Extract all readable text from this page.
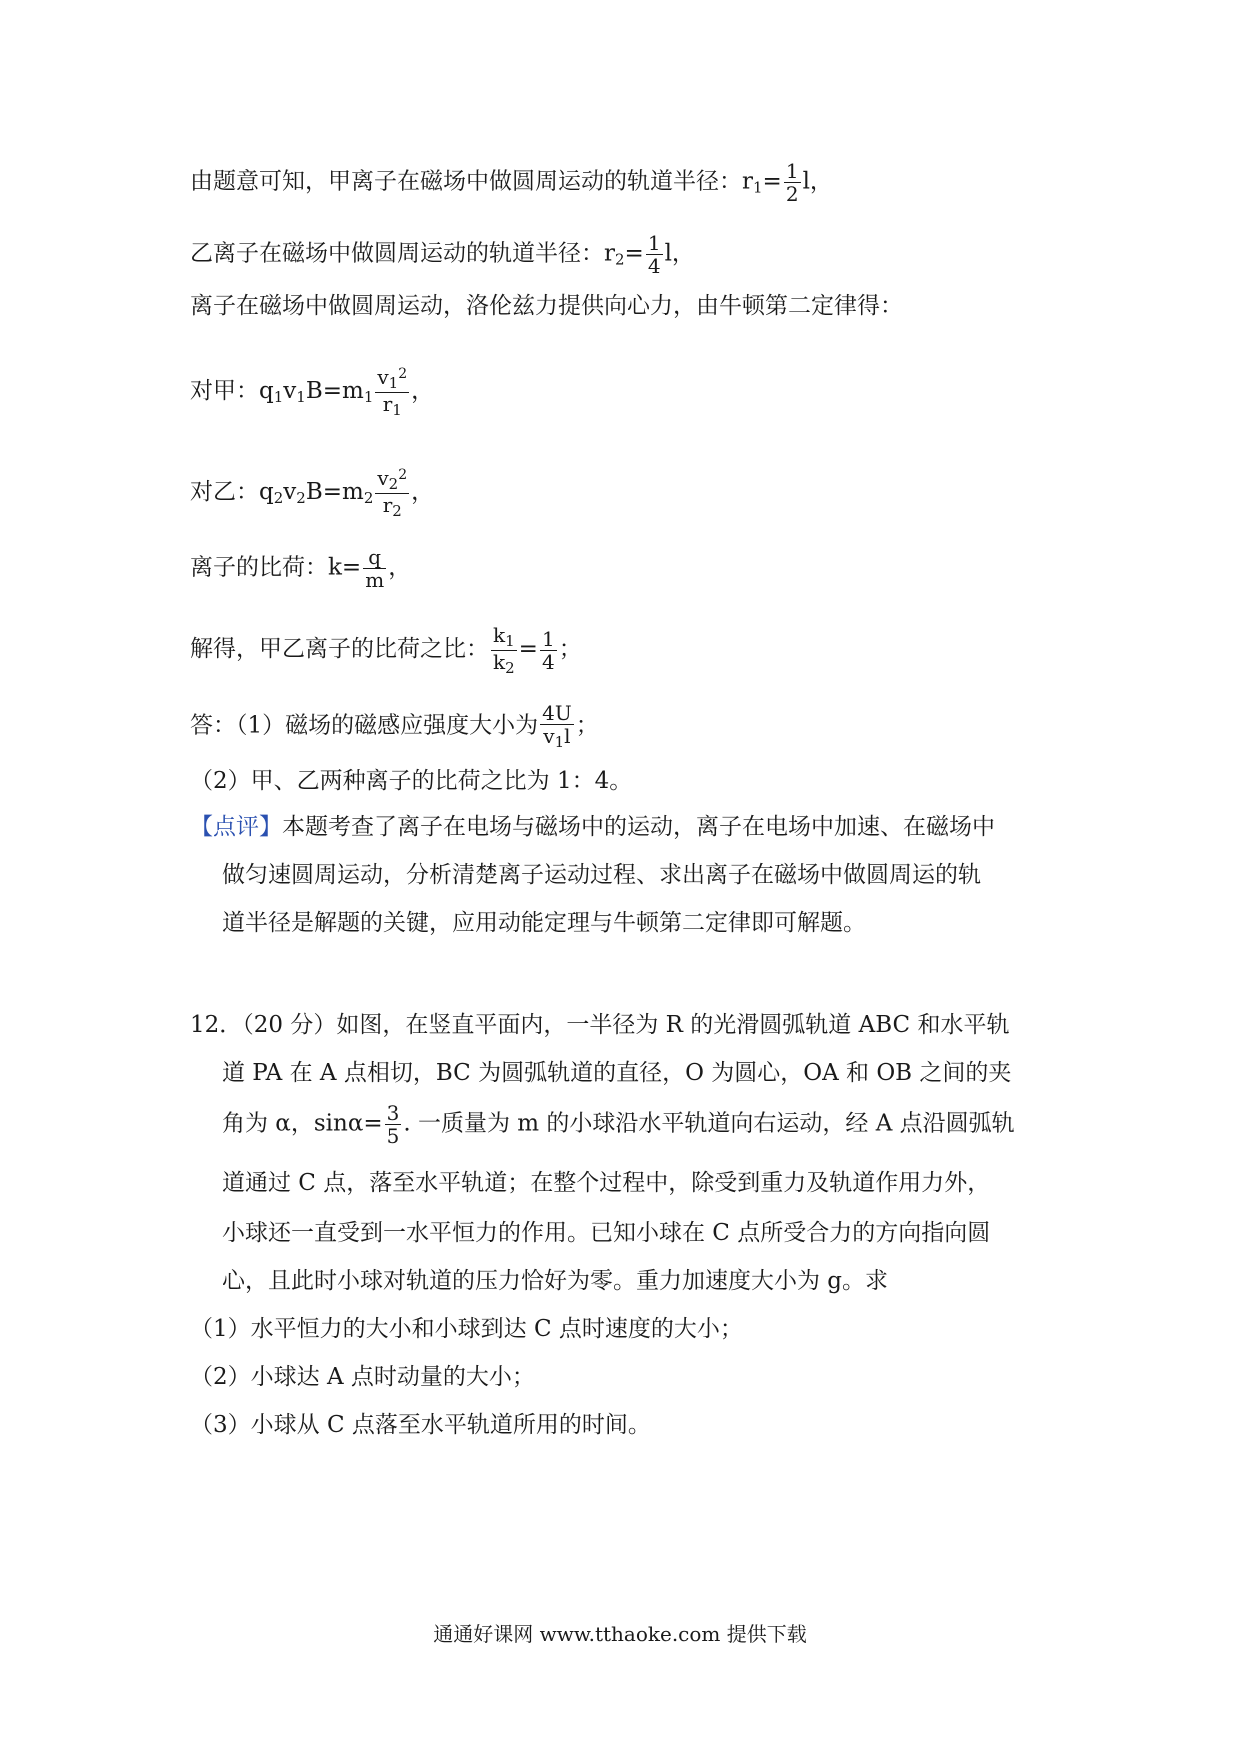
由题意可知，甲离子在磁场中做圆周运动的轨道半径：$r_1= \frac{1}{2}$ l，
乙离子在磁场中做圆周运动的轨道半径：$r_2= \frac{1}{4}$ l，
离子在磁场中做圆周运动，洛伦兹力提供向心力，由牛顿第二定律得：
对甲：$q_1v_1B=m_1 \frac{v_1^2}{r_1}$ ，
对乙：$q_2v_2B=m_2 \frac{v_2^2}{r_2}$ ，
离子的比荷：$k= \frac{q}{m}$ ，
解得，甲乙离子的比荷之比： $\frac{k_1}{k_2} = \frac{1}{4}$ ；
答：（1）磁场的磁感应强度大小为 $\frac{4U}{v_1l}$ ；
（2）甲、乙两种离子的比荷之比为 1：4。
【点评】本题考查了离子在电场与磁场中的运动，离子在电场中加速、在磁场中
做匀速圆周运动，分析清楚离子运动过程、求出离子在磁场中做圆周运的轨
道半径是解题的关键，应用动能定理与牛顿第二定律即可解题。
12．（20 分）如图，在竖直平面内，一半径为 R 的光滑圆弧轨道 ABC 和水平轨
道 PA 在 A 点相切，BC 为圆弧轨道的直径，O 为圆心，OA 和 OB 之间的夹
角为 α，$\sin\alpha= \frac{3}{5}$ . 一质量为 m 的小球沿水平轨道向右运动，经 A 点沿圆弧轨
道通过 C 点，落至水平轨道；在整个过程中，除受到重力及轨道作用力外，
小球还一直受到一水平恒力的作用。已知小球在 C 点所受合力的方向指向圆
心，且此时小球对轨道的压力恰好为零。重力加速度大小为 g。求
（1）水平恒力的大小和小球到达 C 点时速度的大小；
（2）小球达 A 点时动量的大小；
（3）小球从 C 点落至水平轨道所用的时间。
通通好课网 www.tthaoke.com 提供下载
